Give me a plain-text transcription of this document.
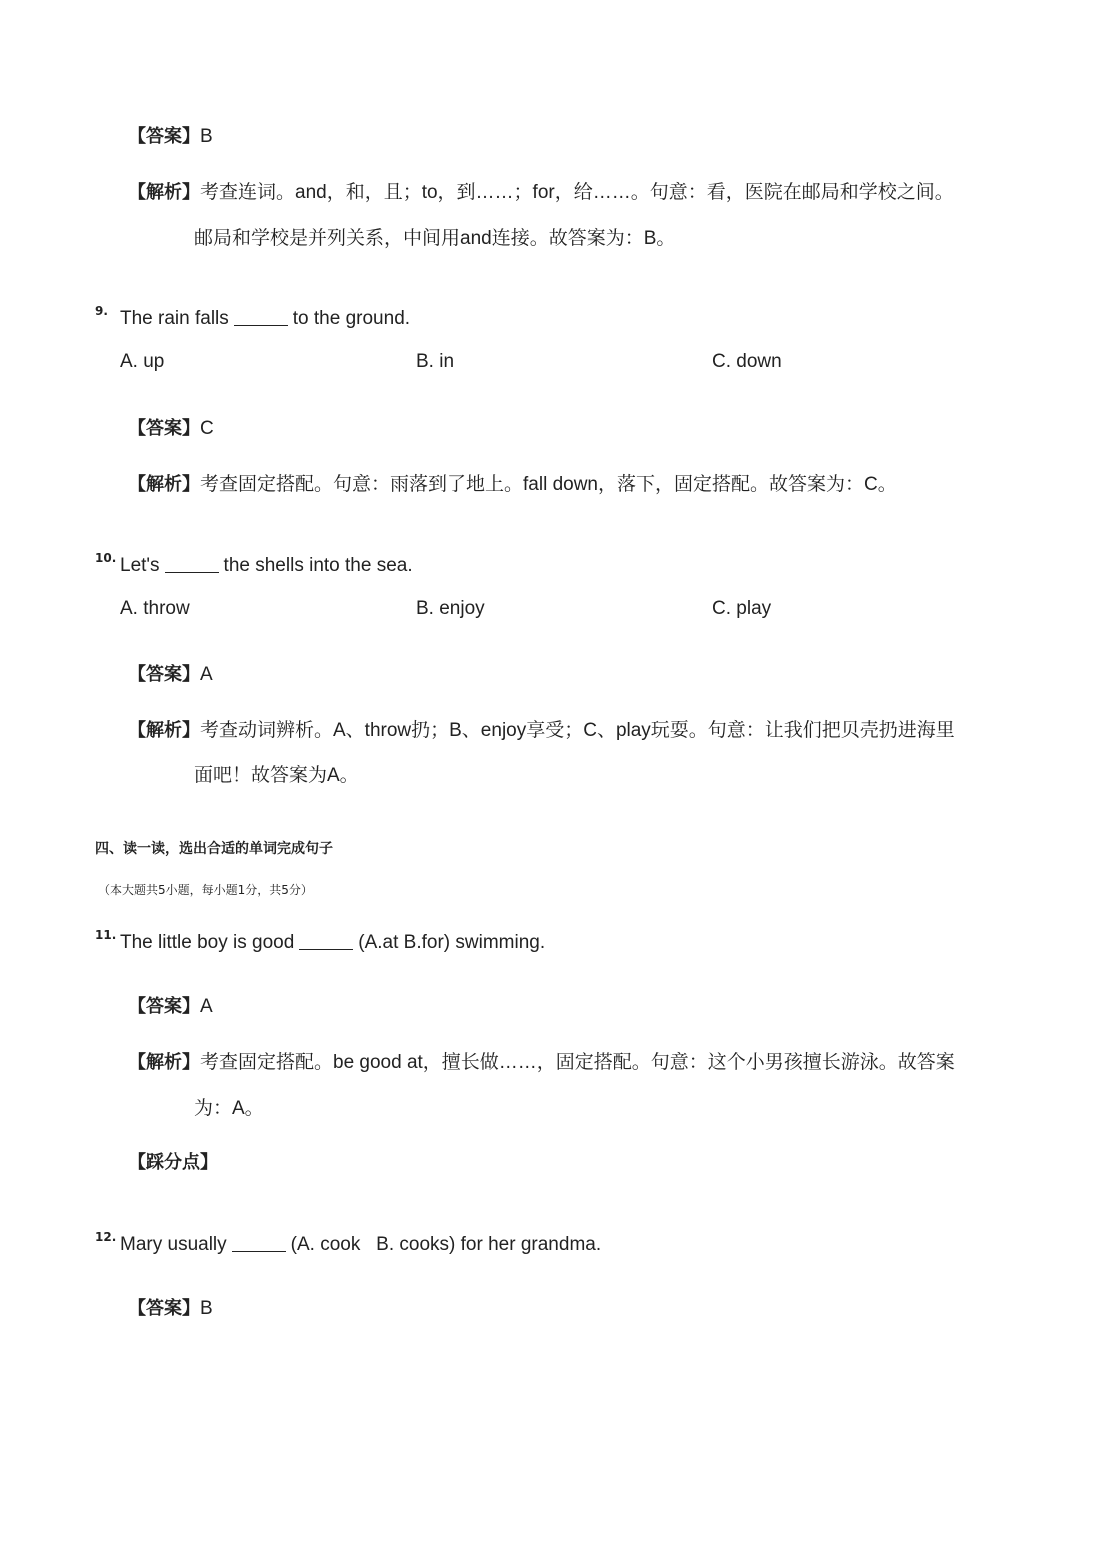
【答案】B
【解析】考查连词。and，和，且；to，到……；for，给……。句意：看，医院在邮局和学校之间。
邮局和学校是并列关系，中间用and连接。故答案为：B。
9. The rain falls	to the ground.
A. up	B. in	C. down
【答案】C
【解析】考查固定搭配。句意：雨落到了地上。fall down，落下，固定搭配。故答案为：C。
10. Let's	the shells into the sea.
A. throw	B. enjoy	C. play
【答案】A
【解析】考查动词辨析。A、throw扔；B、enjoy享受；C、play玩耍。句意：让我们把贝壳扔进海里
面吧！故答案为A。
四、读一读，选出合适的单词完成句子
（本大题共5小题，每小题1分，共5分）
11. The little boy is good	(A.at B.for) swimming.
【答案】A
【解析】考查固定搭配。be good at，擅长做……，固定搭配。句意：这个小男孩擅长游泳。故答案
为：A。
【踩分点】
12. Mary usually	(A. cook   B. cooks) for her grandma.
【答案】B
